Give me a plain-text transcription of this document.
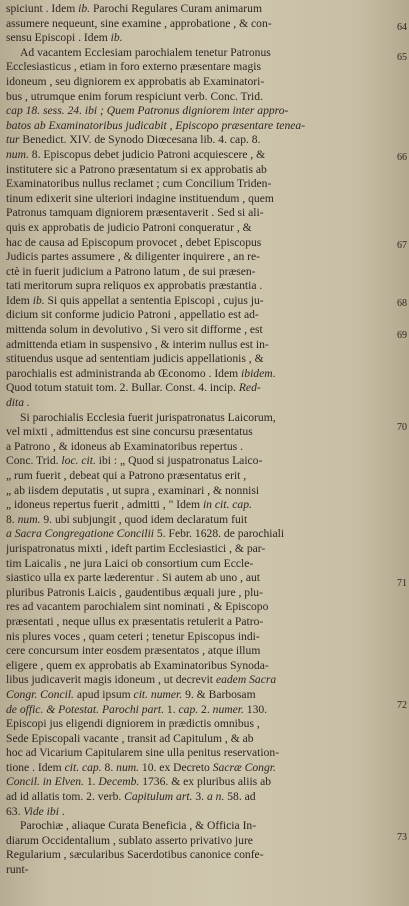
spiciunt . Idem ib. Parochi Regulares Curam animarum
assumere nequeunt, sine examine , approbatione , & con-
sensu Episcopi . Idem ib.
Ad vacantem Ecclesiam parochialem tenetur Patronus
Ecclesiasticus , etiam in foro externo præsentare magis
idoneum , seu digniorem ex approbatis ab Examinatori-
bus , utrumque enim forum respiciunt verb. Conc. Trid.
cap 18. sess. 24. ibi ; Quem Patronus digniorem inter appro-
batos ab Examinatoribus judicabit , Episcopo præsentare tenea-
tur Benedict. XIV. de Synodo Diœcesana lib. 4. cap. 8.
num. 8. Episcopus debet judicio Patroni acquiescere , &
institutere sic a Patrono præsentatum si ex approbatis ab
Examinatoribus nullus reclamet ; cum Concilium Triden-
tinum edixerit sine ulteriori indagine instituendum , quem
Patronus tamquam digniorem præsentaverit . Sed si ali-
quis ex approbatis de judicio Patroni conqueratur , &
hac de causa ad Episcopum provocet , debet Episcopus
Judicis partes assumere , & diligenter inquirere , an re-
ctè in fuerit judicium a Patrono latum , de sui præsen-
tati meritorum supra reliquos ex approbatis præstantia .
Idem ib. Si quis appellat a sententia Episcopi , cujus ju-
dicium sit conforme judicio Patroni , appellatio est ad-
mittenda solum in devolutivo , Si vero sit difforme , est
admittenda etiam in suspensivo , & interim nullus est in-
stituendus usque ad sententiam judicis appellationis , &
parochialis est administranda ab Œconomo . Idem ibidem.
Quod totum statuit tom. 2. Bullar. Const. 4. incip. Red-
dita .
Si parochialis Ecclesia fuerit jurispatronatus Laicorum,
vel mixti , admittendus est sine concursu præsentatus
a Patrono , & idoneus ab Examinatoribus repertus .
Conc. Trid. loc. cit. ibi : „ Quod si juspatronatus Laico-
„ rum fuerit , debeat qui a Patrono præsentatus erit ,
„ ab iisdem deputatis , ut supra , examinari , & nonnisi
„ idoneus repertus fuerit , admitti , " Idem in cit. cap.
8. num. 9. ubi subjungit , quod idem declaratum fuit
a Sacra Congregatione Concilii 5. Febr. 1628. de parochiali
jurispatronatus mixti , ideft partim Ecclesiastici , & par-
tim Laicalis , ne jura Laici ob consortium cum Eccle-
siastico ulla ex parte læderentur . Si autem ab uno , aut
pluribus Patronis Laicis , gaudentibus æquali jure , plu-
res ad vacantem parochialem sint nominati , & Episcopo
præsentati , neque ullus ex præsentatis retulerit a Patro-
nis plures voces , quam ceteri ; tenetur Episcopus indi-
cere concursum inter eosdem præsentatos , atque illum
eligere , quem ex approbatis ab Examinatoribus Synoda-
libus judicaverit magis idoneum , ut decrevit eadem Sacra
Congr. Concil. apud ipsum cit. numer. 9. & Barbosam
de offic. & Potestat. Parochi part. 1. cap. 2. numer. 130.
Episcopi jus eligendi digniorem in prædictis omnibus ,
Sede Episcopali vacante , transit ad Capitulum , & ab
hoc ad Vicarium Capitularem sine ulla penitus reservation-
tione . Idem cit. cap. 8. num. 10. ex Decreto Sacræ Congr.
Concil. in Elven. 1. Decemb. 1736. & ex pluribus aliis ab
ad id allatis tom. 2. verb. Capitulum art. 3. a n. 58. ad
63. Vide ibi .
Parochiæ , aliaque Curata Beneficia , & Officia In-
diarum Occidentalium , sublato asserto privativo jure
Regularium , sæcularibus Sacerdotibus canonice confe-
runt-
64
65
66
67
68
69
70
71
72
73
